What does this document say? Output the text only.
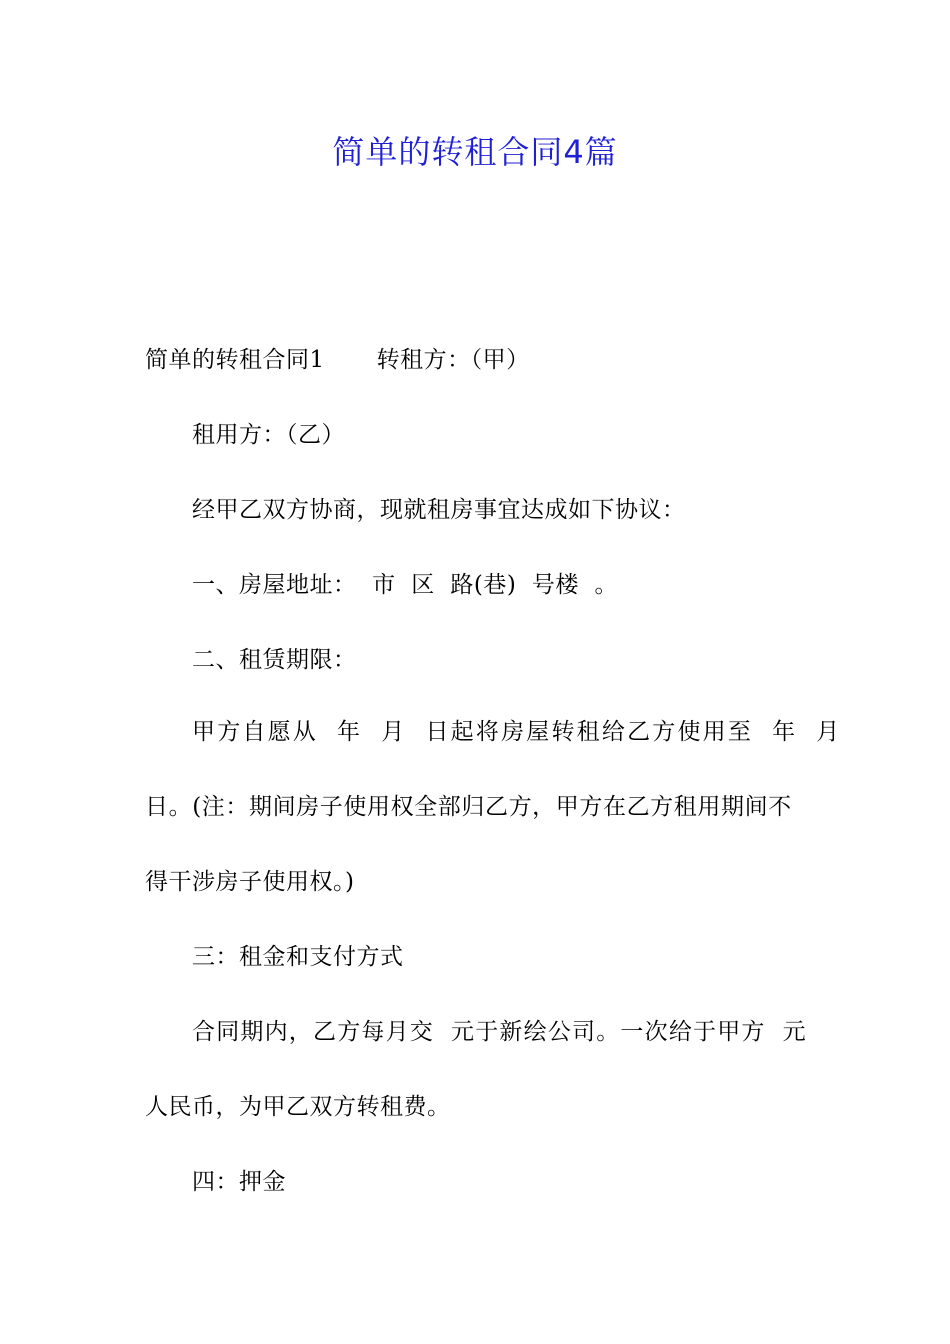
简单的转租合同4篇
简单的转租合同1 转租方：（甲）
租用方：（乙）
经甲乙双方协商，现就租房事宜达成如下协议：
一、房屋地址：  市  区  路(巷)  号楼  。
二、租赁期限：
甲方自愿从  年  月  日起将房屋转租给乙方使用至  年  月
日。(注：期间房子使用权全部归乙方，甲方在乙方租用期间不
得干涉房子使用权。)
三：租金和支付方式
合同期内，乙方每月交  元于新绘公司。一次给于甲方  元
人民币，为甲乙双方转租费。
四：押金
